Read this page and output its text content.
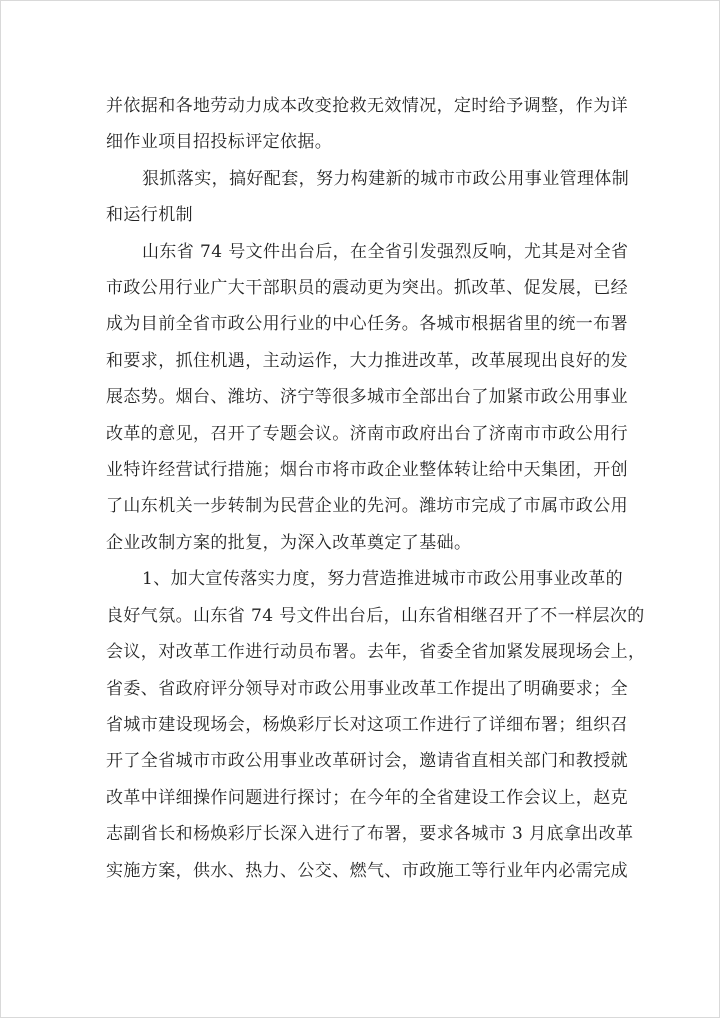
并依据和各地劳动力成本改变抢救无效情况，定时给予调整，作为详
细作业项目招投标评定依据。

狠抓落实，搞好配套，努力构建新的城市市政公用事业管理体制
和运行机制

山东省 74 号文件出台后，在全省引发强烈反响，尤其是对全省
市政公用行业广大干部职员的震动更为突出。抓改革、促发展，已经
成为目前全省市政公用行业的中心任务。各城市根据省里的统一布署
和要求，抓住机遇，主动运作，大力推进改革，改革展现出良好的发
展态势。烟台、潍坊、济宁等很多城市全部出台了加紧市政公用事业
改革的意见，召开了专题会议。济南市政府出台了济南市市政公用行
业特许经营试行措施；烟台市将市政企业整体转让给中天集团，开创
了山东机关一步转制为民营企业的先河。潍坊市完成了市属市政公用
企业改制方案的批复，为深入改革奠定了基础。

1、加大宣传落实力度，努力营造推进城市市政公用事业改革的
良好气氛。山东省 74 号文件出台后，山东省相继召开了不一样层次的
会议，对改革工作进行动员布署。去年，省委全省加紧发展现场会上，
省委、省政府评分领导对市政公用事业改革工作提出了明确要求；全
省城市建设现场会，杨焕彩厅长对这项工作进行了详细布署；组织召
开了全省城市市政公用事业改革研讨会，邀请省直相关部门和教授就
改革中详细操作问题进行探讨；在今年的全省建设工作会议上，赵克
志副省长和杨焕彩厅长深入进行了布署，要求各城市 3 月底拿出改革
实施方案，供水、热力、公交、燃气、市政施工等行业年内必需完成
